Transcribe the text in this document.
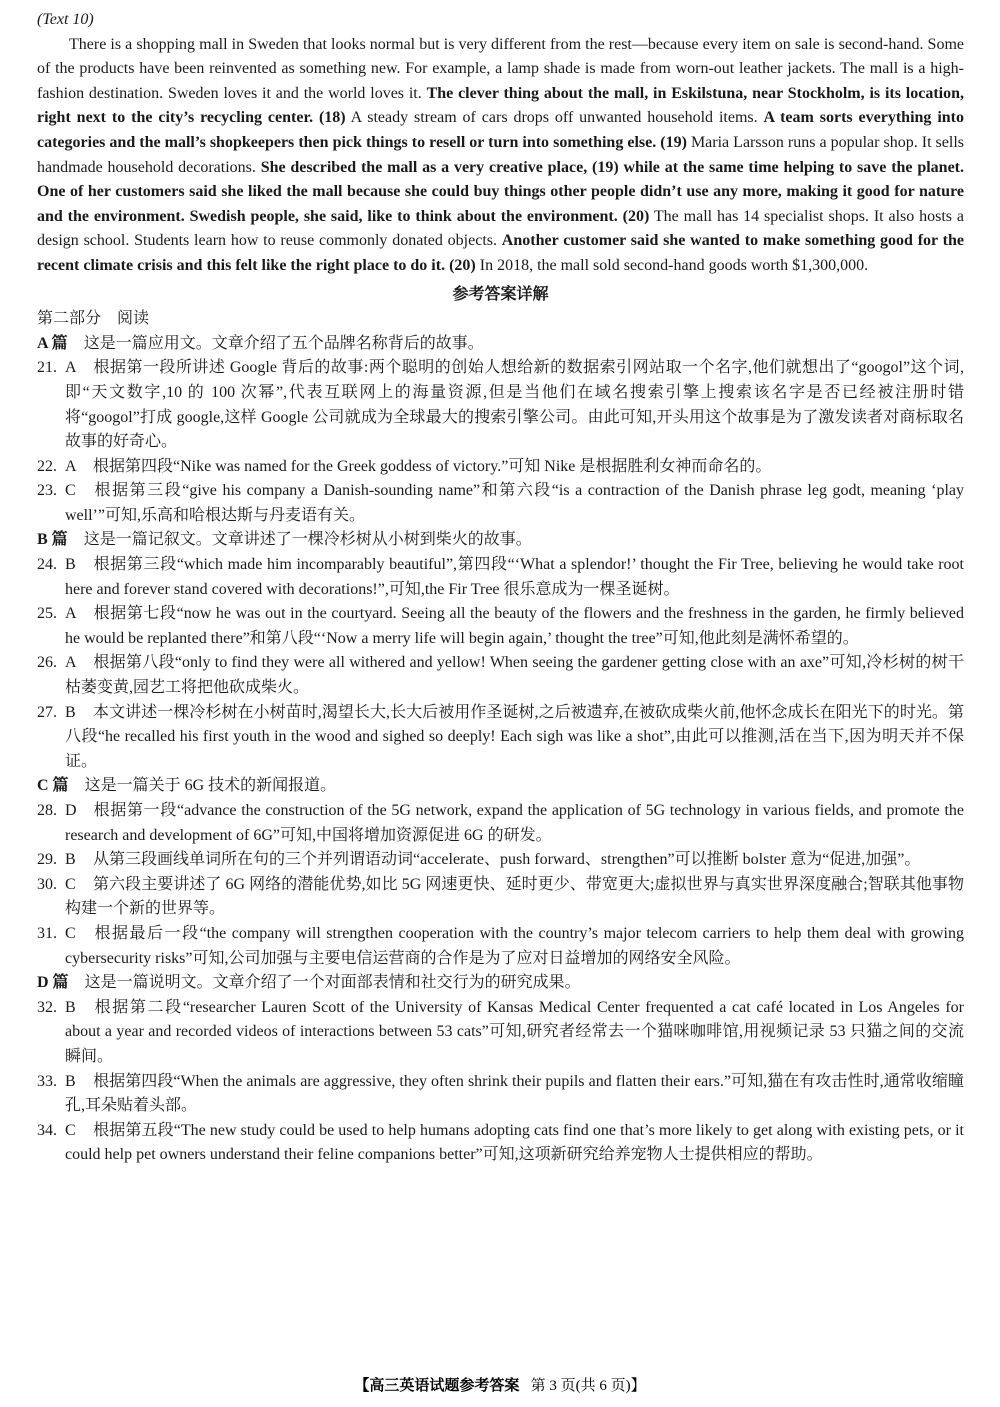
(Text 10)

There is a shopping mall in Sweden that looks normal but is very different from the rest—because every item on sale is second-hand. Some of the products have been reinvented as something new. For example, a lamp shade is made from worn-out leather jackets. The mall is a high-fashion destination. Sweden loves it and the world loves it. The clever thing about the mall, in Eskilstuna, near Stockholm, is its location, right next to the city’s recycling center. (18) A steady stream of cars drops off unwanted household items. A team sorts everything into categories and the mall’s shopkeepers then pick things to resell or turn into something else. (19) Maria Larsson runs a popular shop. It sells handmade household decorations. She described the mall as a very creative place, (19) while at the same time helping to save the planet. One of her customers said she liked the mall because she could buy things other people didn’t use any more, making it good for nature and the environment. Swedish people, she said, like to think about the environment. (20) The mall has 14 specialist shops. It also hosts a design school. Students learn how to reuse commonly donated objects. Another customer said she wanted to make something good for the recent climate crisis and this felt like the right place to do it. (20) In 2018, the mall sold second-hand goods worth $1,300,000.

参考答案详解
第二部分　阅读
A 篇　 这是一篇应用文。文章介绍了五个品牌名称背后的故事。

21. A 根据第一段所讲述 Google 背后的故事:两个聪明的创始人想给新的数据索引网站取一个名字,他们就想出了“googol”这个词,即“天文数字,10 的 100 次幂”,代表互联网上的海量资源,但是当他们在域名搜索引擎上搜索该名字是否已经被注册时错将“googol”打成 google,这样 Google 公司就成为全球最大的搜索引擎公司。由此可知,开头用这个故事是为了激发读者对商标取名故事的好奇心。

22. A 根据第四段“Nike was named for the Greek goddess of victory.”可知 Nike 是根据胜利女神而命名的。

23. C 根据第三段“give his company a Danish-sounding name”和第六段“is a contraction of the Danish phrase leg godt, meaning ‘play well’”可知,乐高和哈根达斯与丹麦语有关。

B 篇　 这是一篇记叙文。文章讲述了一棵冷杉树从小树到柴火的故事。

24. B 根据第三段“which made him incomparably beautiful”,第四段“‘What a splendor!’ thought the Fir Tree, believing he would take root here and forever stand covered with decorations!”,可知,the Fir Tree 很乐意成为一棵圣诞树。

25. A 根据第七段“now he was out in the courtyard. Seeing all the beauty of the flowers and the freshness in the garden, he firmly believed he would be replanted there”和第八段“‘Now a merry life will begin again,’ thought the tree”可知,他此刻是满怀希望的。

26. A 根据第八段“only to find they were all withered and yellow! When seeing the gardener getting close with an axe”可知,冷杉树的树干枯萎变黄,园艺工将把他砍成柴火。

27. B 本文讲述一棵冷杉树在小树苗时,渴望长大,长大后被用作圣诞树,之后被遗弃,在被砍成柴火前,他怀念成长在阳光下的时光。第八段“he recalled his first youth in the wood and sighed so deeply! Each sigh was like a shot”,由此可以推测,活在当下,因为明天并不保证。

C 篇　 这是一篇关于 6G 技术的新闻报道。

28. D 根据第一段“advance the construction of the 5G network, expand the application of 5G technology in various fields, and promote the research and development of 6G”可知,中国将增加资源促进 6G 的研发。

29. B 从第三段画线单词所在句的三个并列谓语动词“accelerate、push forward、strengthen”可以推断 bolster 意为“促进,加强”。

30. C 第六段主要讲述了 6G 网络的潜能优势,如比 5G 网速更快、延时更少、带宽更大;虚拟世界与真实世界深度融合;智联其他事物构建一个新的世界等。

31. C 根据最后一段“the company will strengthen cooperation with the country’s major telecom carriers to help them deal with growing cybersecurity risks”可知,公司加强与主要电信运营商的合作是为了应对日益增加的网络安全风险。

D 篇　 这是一篇说明文。文章介绍了一个对面部表情和社交行为的研究成果。

32. B 根据第二段“researcher Lauren Scott of the University of Kansas Medical Center frequented a cat café located in Los Angeles for about a year and recorded videos of interactions between 53 cats”可知,研究者经常去一个猫咪咖啡馆,用视频记录 53 只猫之间的交流瞬间。

33. B 根据第四段“When the animals are aggressive, they often shrink their pupils and flatten their ears.”可知,猫在有攻击性时,通常收缩瞳孔,耳朵贴着头部。

34. C 根据第五段“The new study could be used to help humans adopting cats find one that’s more likely to get along with existing pets, or it could help pet owners understand their feline companions better”可知,这项新研究给养宠物人士提供相应的帮助。

【高三英语试题参考答案 第 3 页(共 6 页)】
